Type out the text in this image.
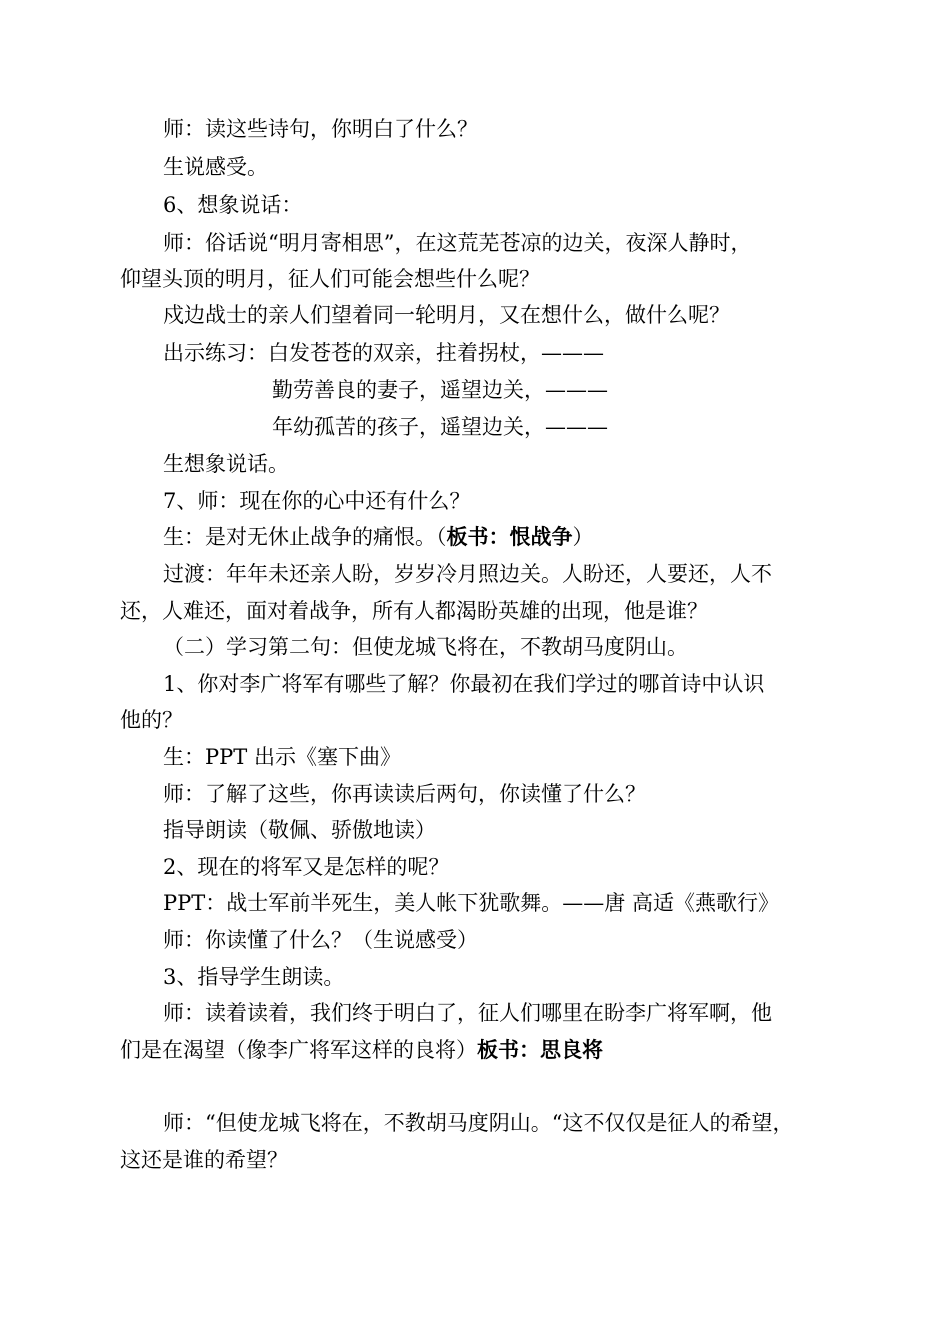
师：读这些诗句，你明白了什么？
生说感受。
6、想象说话：
师：俗话说“明月寄相思”，在这荒芜苍凉的边关，夜深人静时，
仰望头顶的明月，征人们可能会想些什么呢？
戍边战士的亲人们望着同一轮明月，又在想什么，做什么呢？
出示练习：白发苍苍的双亲，拄着拐杖，———
勤劳善良的妻子，遥望边关，———
年幼孤苦的孩子，遥望边关，———
生想象说话。
7、师：现在你的心中还有什么？
生：是对无休止战争的痛恨。（板书：恨战争）
过渡：年年未还亲人盼，岁岁冷月照边关。人盼还，人要还，人不
还，人难还，面对着战争，所有人都渴盼英雄的出现，他是谁？
（二）学习第二句：但使龙城飞将在，不教胡马度阴山。
1、你对李广将军有哪些了解？你最初在我们学过的哪首诗中认识
他的？
生：PPT 出示《塞下曲》
师：了解了这些，你再读读后两句，你读懂了什么？
指导朗读（敬佩、骄傲地读）
2、现在的将军又是怎样的呢？
PPT：战士军前半死生，美人帐下犹歌舞。——唐 高适《燕歌行》
师：你读懂了什么？（生说感受）
3、指导学生朗读。
师：读着读着，我们终于明白了，征人们哪里在盼李广将军啊，他
们是在渴望（像李广将军这样的良将）板书：思良将
师：“但使龙城飞将在，不教胡马度阴山。“这不仅仅是征人的希望，
这还是谁的希望？
